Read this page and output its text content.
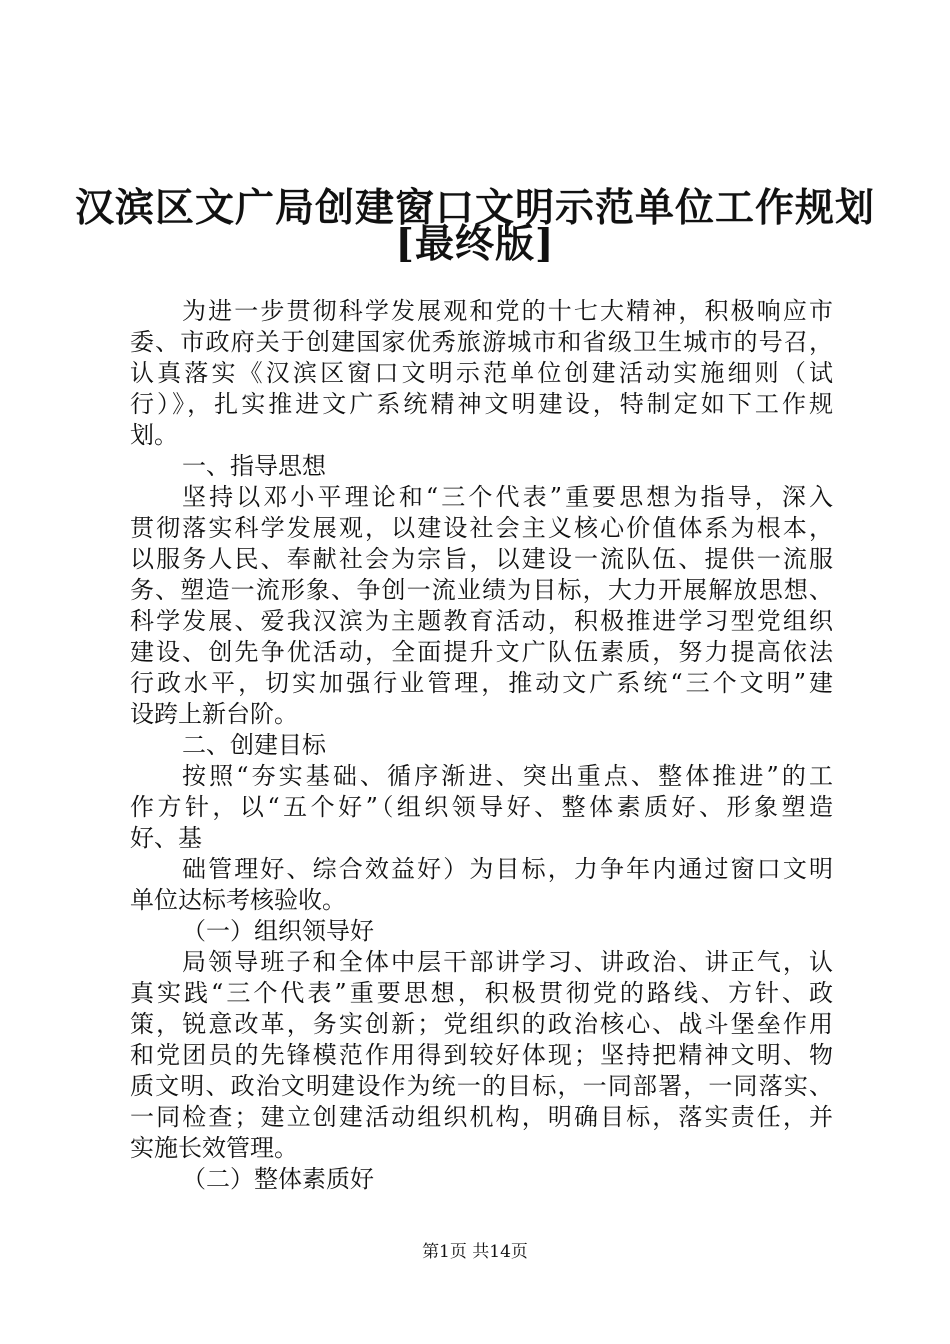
汉滨区文广局创建窗口文明示范单位工作规划
[最终版]
为进一步贯彻科学发展观和党的十七大精神，积极响应市
委、市政府关于创建国家优秀旅游城市和省级卫生城市的号召，
认真落实《汉滨区窗口文明示范单位创建活动实施细则（试
行）》，扎实推进文广系统精神文明建设，特制定如下工作规
划。
一、指导思想
坚持以邓小平理论和“三个代表”重要思想为指导，深入
贯彻落实科学发展观，以建设社会主义核心价值体系为根本，
以服务人民、奉献社会为宗旨，以建设一流队伍、提供一流服
务、塑造一流形象、争创一流业绩为目标，大力开展解放思想、
科学发展、爱我汉滨为主题教育活动，积极推进学习型党组织
建设、创先争优活动，全面提升文广队伍素质，努力提高依法
行政水平，切实加强行业管理，推动文广系统“三个文明”建
设跨上新台阶。
二、创建目标
按照“夯实基础、循序渐进、突出重点、整体推进”的工
作方针，以“五个好”（组织领导好、整体素质好、形象塑造
好、基
础管理好、综合效益好）为目标，力争年内通过窗口文明
单位达标考核验收。
（一）组织领导好
局领导班子和全体中层干部讲学习、讲政治、讲正气，认
真实践“三个代表”重要思想，积极贯彻党的路线、方针、政
策，锐意改革，务实创新；党组织的政治核心、战斗堡垒作用
和党团员的先锋模范作用得到较好体现；坚持把精神文明、物
质文明、政治文明建设作为统一的目标，一同部署，一同落实、
一同检查；建立创建活动组织机构，明确目标，落实责任，并
实施长效管理。
（二）整体素质好
第1页 共14页
